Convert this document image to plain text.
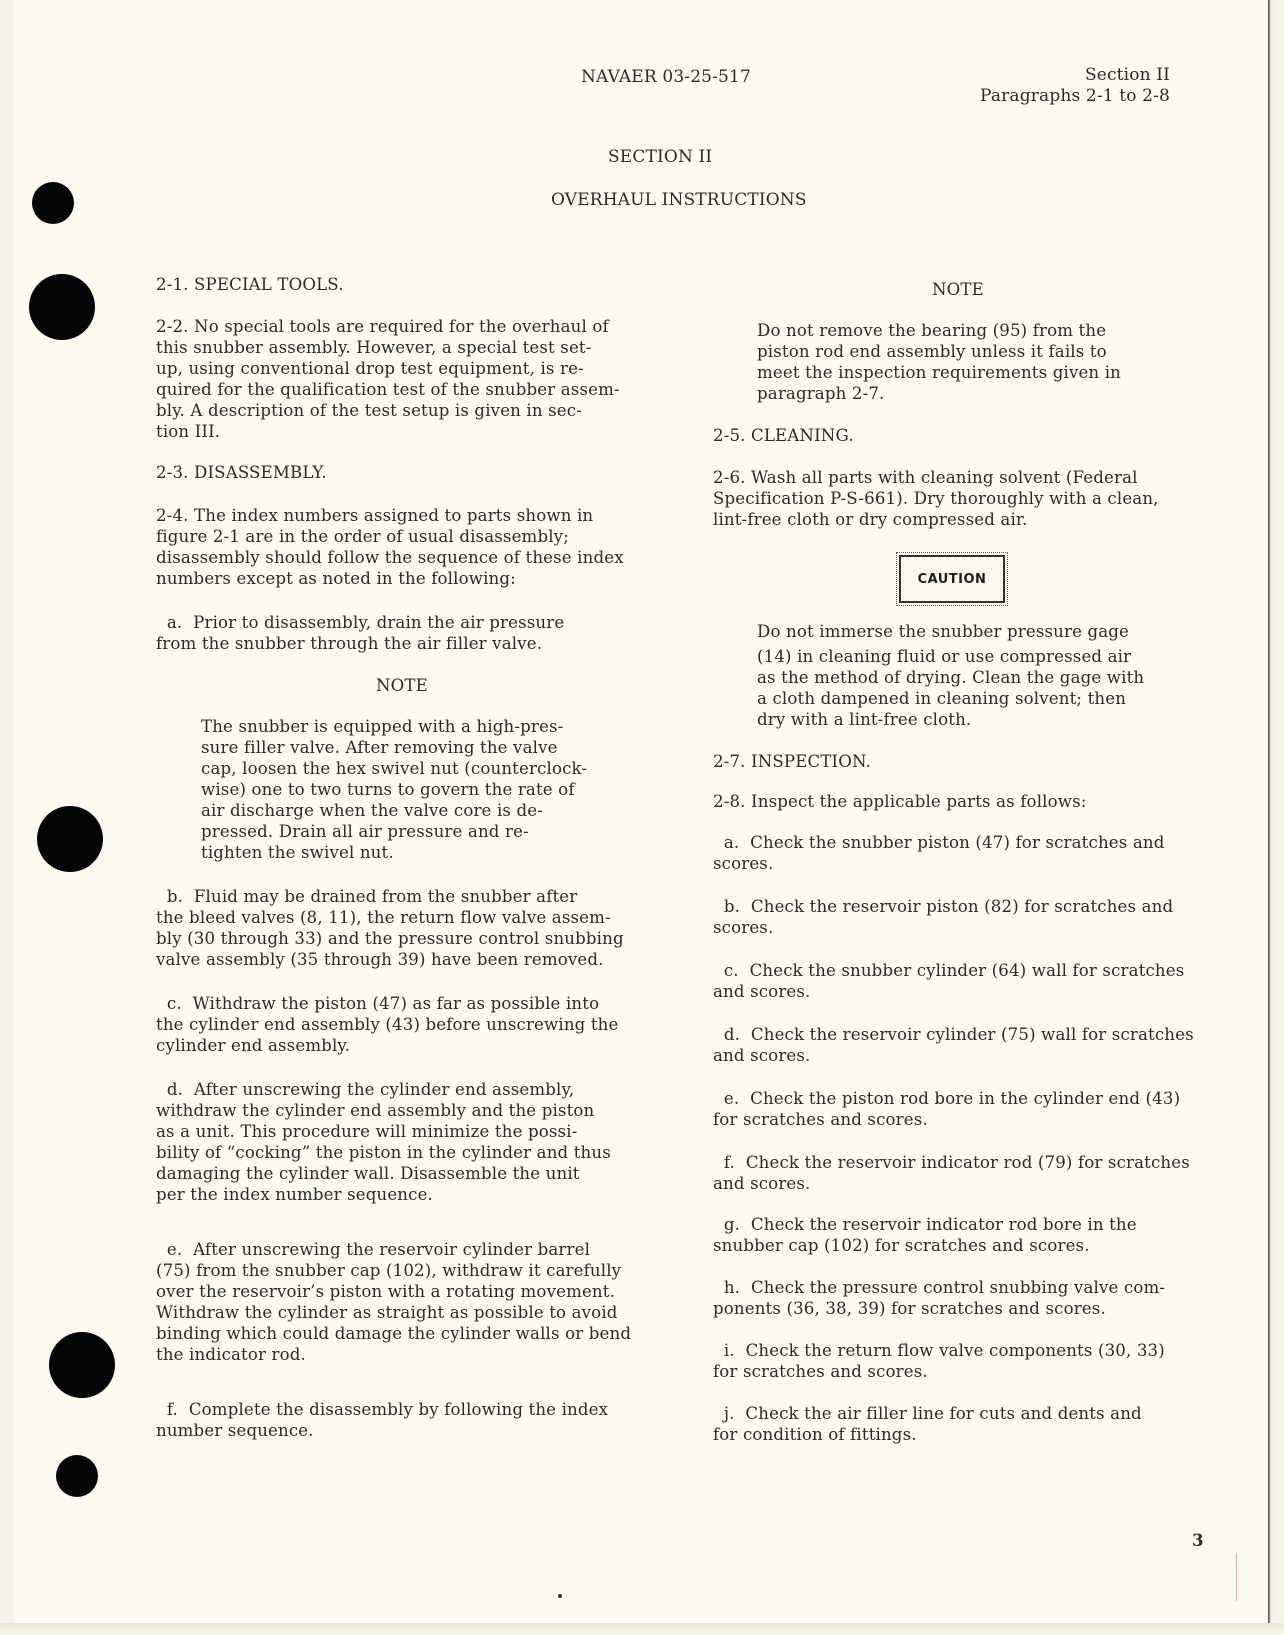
NAVAER 03-25-517	Section II
Paragraphs 2-1 to 2-8
SECTION II
OVERHAUL INSTRUCTIONS
2-1. SPECIAL TOOLS.
2-2. No special tools are required for the overhaul of
this snubber assembly. However, a special test set-
up, using conventional drop test equipment, is re-
quired for the qualification test of the snubber assem-
bly. A description of the test setup is given in sec-
tion III.
2-3. DISASSEMBLY.
2-4. The index numbers assigned to parts shown in
figure 2-1 are in the order of usual disassembly;
disassembly should follow the sequence of these index
numbers except as noted in the following:
a.  Prior to disassembly, drain the air pressure
from the snubber through the air filler valve.
NOTE
The snubber is equipped with a high-pres-
sure filler valve. After removing the valve
cap, loosen the hex swivel nut (counterclock-
wise) one to two turns to govern the rate of
air discharge when the valve core is de-
pressed. Drain all air pressure and re-
tighten the swivel nut.
b.  Fluid may be drained from the snubber after
the bleed valves (8, 11), the return flow valve assem-
bly (30 through 33) and the pressure control snubbing
valve assembly (35 through 39) have been removed.
c.  Withdraw the piston (47) as far as possible into
the cylinder end assembly (43) before unscrewing the
cylinder end assembly.
d.  After unscrewing the cylinder end assembly,
withdraw the cylinder end assembly and the piston
as a unit. This procedure will minimize the possi-
bility of “cocking” the piston in the cylinder and thus
damaging the cylinder wall. Disassemble the unit
per the index number sequence.
e.  After unscrewing the reservoir cylinder barrel
(75) from the snubber cap (102), withdraw it carefully
over the reservoir’s piston with a rotating movement.
Withdraw the cylinder as straight as possible to avoid
binding which could damage the cylinder walls or bend
the indicator rod.
f.  Complete the disassembly by following the index
number sequence.
NOTE
Do not remove the bearing (95) from the
piston rod end assembly unless it fails to
meet the inspection requirements given in
paragraph 2-7.
2-5. CLEANING.
2-6. Wash all parts with cleaning solvent (Federal
Specification P-S-661). Dry thoroughly with a clean,
lint-free cloth or dry compressed air.
CAUTION
Do not immerse the snubber pressure gage
(14) in cleaning fluid or use compressed air
as the method of drying. Clean the gage with
a cloth dampened in cleaning solvent; then
dry with a lint-free cloth.
2-7. INSPECTION.
2-8. Inspect the applicable parts as follows:
a.  Check the snubber piston (47) for scratches and
scores.
b.  Check the reservoir piston (82) for scratches and
scores.
c.  Check the snubber cylinder (64) wall for scratches
and scores.
d.  Check the reservoir cylinder (75) wall for scratches
and scores.
e.  Check the piston rod bore in the cylinder end (43)
for scratches and scores.
f.  Check the reservoir indicator rod (79) for scratches
and scores.
g.  Check the reservoir indicator rod bore in the
snubber cap (102) for scratches and scores.
h.  Check the pressure control snubbing valve com-
ponents (36, 38, 39) for scratches and scores.
i.  Check the return flow valve components (30, 33)
for scratches and scores.
j.  Check the air filler line for cuts and dents and
for condition of fittings.
3
